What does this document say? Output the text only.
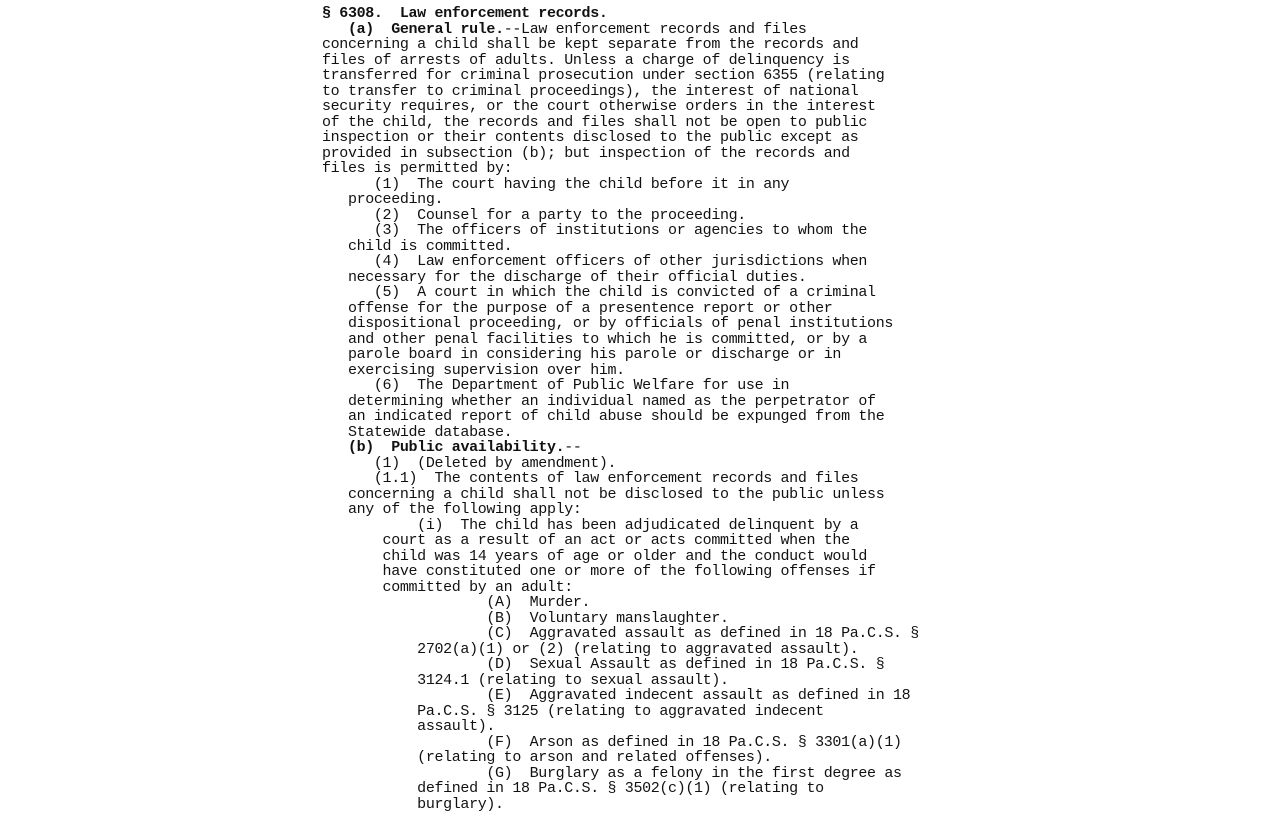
§ 6308. Law enforcement records.
(a) General rule.--Law enforcement records and files
concerning a child shall be kept separate from the records and
files of arrests of adults. Unless a charge of delinquency is
transferred for criminal prosecution under section 6355 (relating
to transfer to criminal proceedings), the interest of national
security requires, or the court otherwise orders in the interest
of the child, the records and files shall not be open to public
inspection or their contents disclosed to the public except as
provided in subsection (b); but inspection of the records and
files is permitted by:
(1)  The court having the child before it in any
proceeding.
(2)  Counsel for a party to the proceeding.
(3)  The officers of institutions or agencies to whom the
child is committed.
(4)  Law enforcement officers of other jurisdictions when
necessary for the discharge of their official duties.
(5)  A court in which the child is convicted of a criminal
offense for the purpose of a presentence report or other
dispositional proceeding, or by officials of penal institutions
and other penal facilities to which he is committed, or by a
parole board in considering his parole or discharge or in
exercising supervision over him.
(6)  The Department of Public Welfare for use in
determining whether an individual named as the perpetrator of
an indicated report of child abuse should be expunged from the
Statewide database.
(b) Public availability.--
(1)  (Deleted by amendment).
(1.1)  The contents of law enforcement records and files
concerning a child shall not be disclosed to the public unless
any of the following apply:
(i)  The child has been adjudicated delinquent by a
court as a result of an act or acts committed when the
child was 14 years of age or older and the conduct would
have constituted one or more of the following offenses if
committed by an adult:
(A)  Murder.
(B)  Voluntary manslaughter.
(C)  Aggravated assault as defined in 18 Pa.C.S. §
2702(a)(1) or (2) (relating to aggravated assault).
(D)  Sexual Assault as defined in 18 Pa.C.S. §
3124.1 (relating to sexual assault).
(E)  Aggravated indecent assault as defined in 18
Pa.C.S. § 3125 (relating to aggravated indecent
assault).
(F)  Arson as defined in 18 Pa.C.S. § 3301(a)(1)
(relating to arson and related offenses).
(G)  Burglary as a felony in the first degree as
defined in 18 Pa.C.S. § 3502(c)(1) (relating to
burglary).
